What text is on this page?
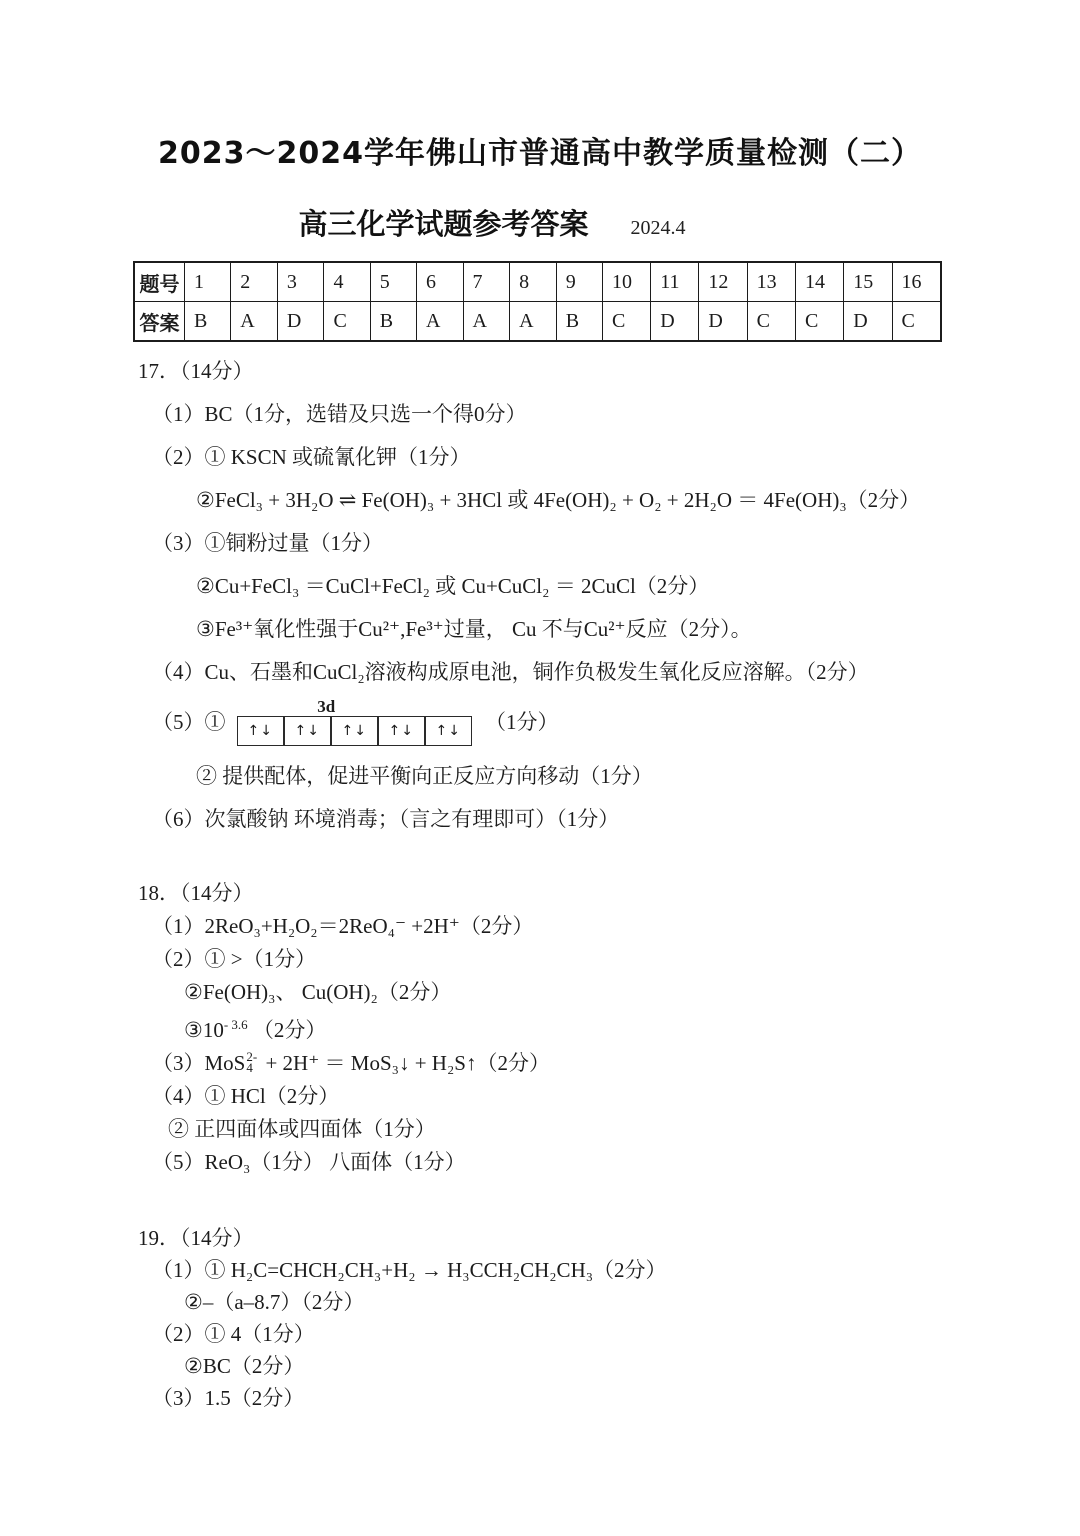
2023～2024学年佛山市普通高中教学质量检测（二）
高三化学试题参考答案 2024.4
题号	1	2	3	4	5	6	7	8	9	10	11	12	13	14	15	16
答案	B	A	D	C	B	A	A	A	B	C	D	D	C	C	D	C
17．（14分）
（1）BC（1分，选错及只选一个得0分）
（2）① KSCN 或硫氰化钾（1分）
②FeCl₃ + 3H₂O ⇌ Fe(OH)₃ + 3HCl 或 4Fe(OH)₂ + O₂ + 2H₂O ＝ 4Fe(OH)₃（2分）
（3）①铜粉过量（1分）
②Cu+FeCl₃ ＝CuCl+FeCl₂ 或 Cu+CuCl₂ ＝ 2CuCl（2分）
③Fe³⁺氧化性强于Cu²⁺,Fe³⁺过量， Cu 不与Cu²⁺反应（2分）。
（4）Cu、石墨和CuCl₂溶液构成原电池，铜作负极发生氧化反应溶解。（2分）
（5）①
3d
↑↓	↑↓	↑↓	↑↓	↑↓	（1分）
② 提供配体，促进平衡向正反应方向移动（1分）
（6）次氯酸钠 环境消毒；（言之有理即可）（1分）
18．（14分）
（1）2ReO₃+H₂O₂＝2ReO₄⁻ +2H⁺（2分）
（2）① >（1分）
②Fe(OH)₃、 Cu(OH)₂（2分）
$③10^{- 3.6}$ （2分）
（3）MoS 2-
4 + 2H⁺ ＝ MoS₃↓ + H₂S↑（2分）
（4）① HCl（2分）
② 正四面体或四面体（1分）
（5）ReO₃（1分） 八面体（1分）
19．（14分）
（1）① H₂C=CHCH₂CH₃+H₂ → H₃CCH₂CH₂CH₃（2分）
②–（a–8.7）（2分）
（2）① 4（1分）
②BC（2分）
（3）1.5（2分）
